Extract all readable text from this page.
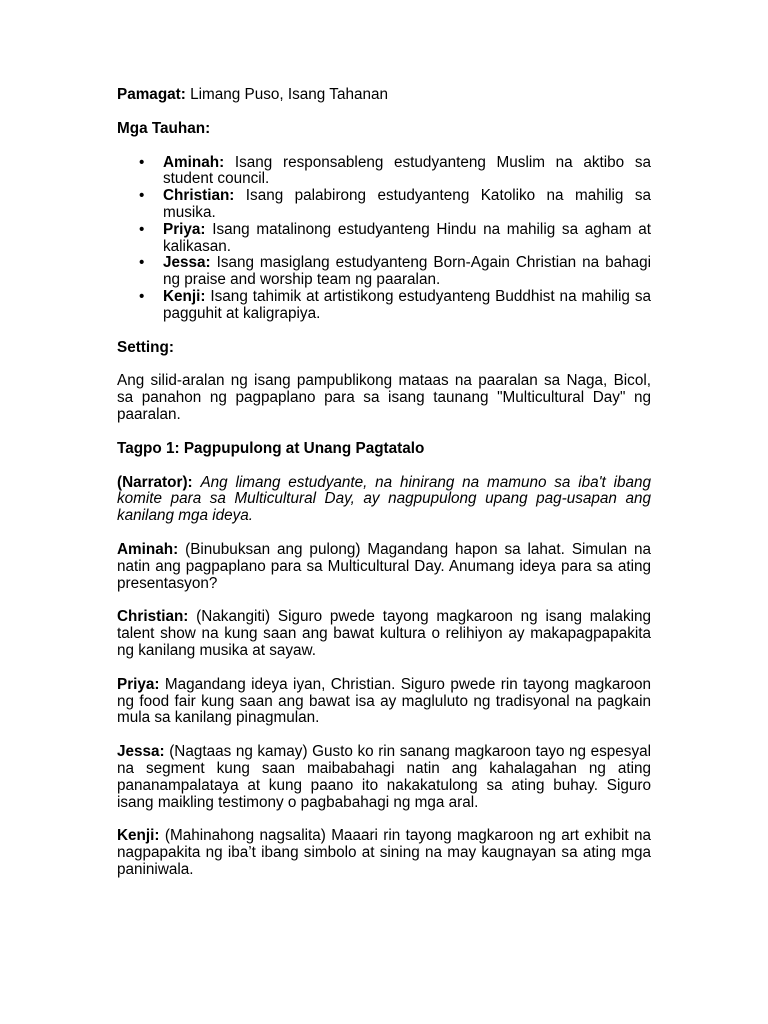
Pamagat: Limang Puso, Isang Tahanan

Mga Tauhan:

• Aminah: Isang responsableng estudyanteng Muslim na aktibo sa student council.
• Christian: Isang palabirong estudyanteng Katoliko na mahilig sa musika.
• Priya: Isang matalinong estudyanteng Hindu na mahilig sa agham at kalikasan.
• Jessa: Isang masiglang estudyanteng Born-Again Christian na bahagi ng praise and worship team ng paaralan.
• Kenji: Isang tahimik at artistikong estudyanteng Buddhist na mahilig sa pagguhit at kaligrapiya.

Setting:

Ang silid-aralan ng isang pampublikong mataas na paaralan sa Naga, Bicol, sa panahon ng pagpaplano para sa isang taunang "Multicultural Day" ng paaralan.

Tagpo 1: Pagpupulong at Unang Pagtatalo

(Narrator): Ang limang estudyante, na hinirang na mamuno sa iba't ibang komite para sa Multicultural Day, ay nagpupulong upang pag-usapan ang kanilang mga ideya.

Aminah: (Binubuksan ang pulong) Magandang hapon sa lahat. Simulan na natin ang pagpaplano para sa Multicultural Day. Anumang ideya para sa ating presentasyon?

Christian: (Nakangiti) Siguro pwede tayong magkaroon ng isang malaking talent show na kung saan ang bawat kultura o relihiyon ay makapagpapakita ng kanilang musika at sayaw.

Priya: Magandang ideya iyan, Christian. Siguro pwede rin tayong magkaroon ng food fair kung saan ang bawat isa ay magluluto ng tradisyonal na pagkain mula sa kanilang pinagmulan.

Jessa: (Nagtaas ng kamay) Gusto ko rin sanang magkaroon tayo ng espesyal na segment kung saan maibabahagi natin ang kahalagahan ng ating pananampalataya at kung paano ito nakakatulong sa ating buhay. Siguro isang maikling testimony o pagbabahagi ng mga aral.

Kenji: (Mahinahong nagsalita) Maaari rin tayong magkaroon ng art exhibit na nagpapakita ng iba’t ibang simbolo at sining na may kaugnayan sa ating mga paniniwala.
